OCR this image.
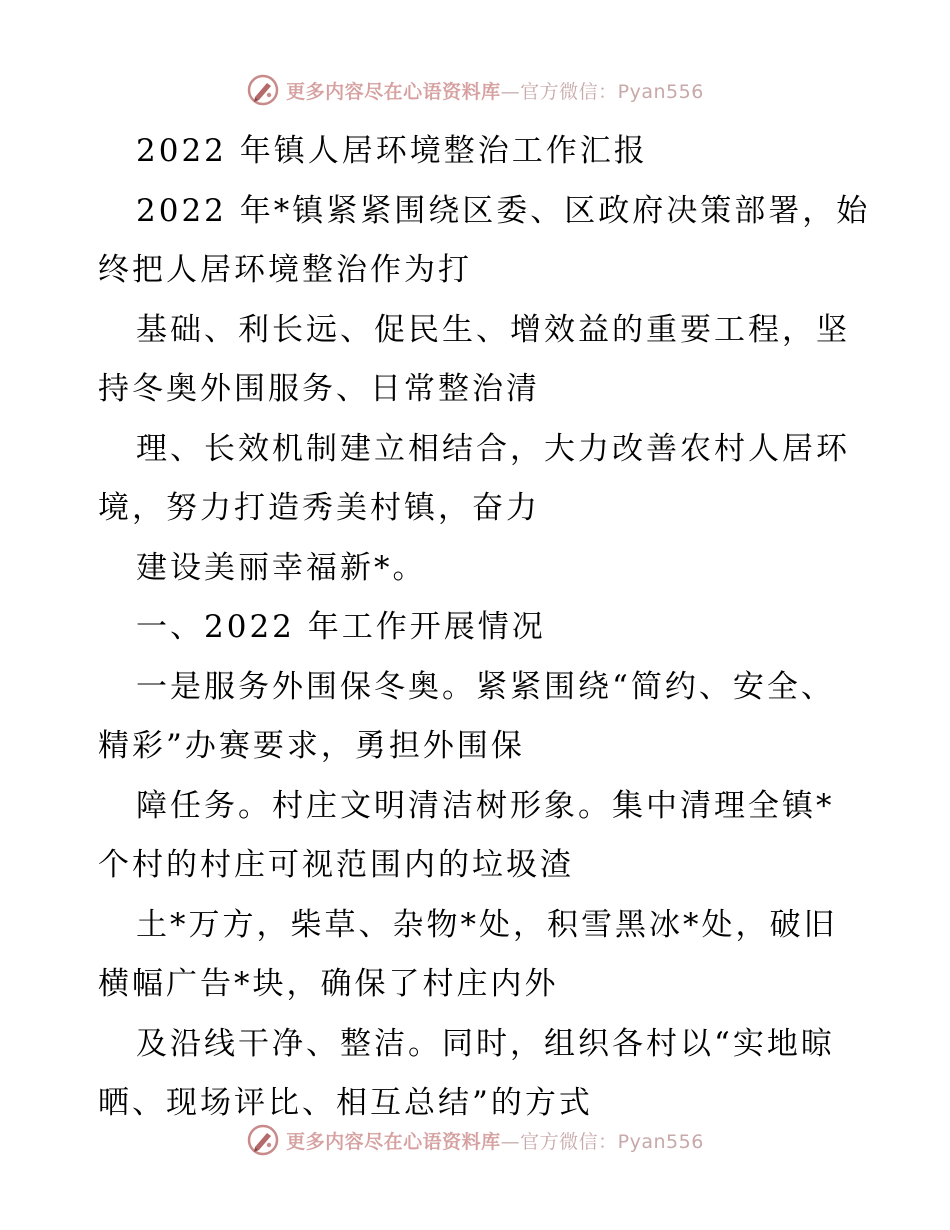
更多内容尽在心语资料库—官方微信：Pyan556
2022 年镇人居环境整治工作汇报
2022 年*镇紧紧围绕区委、区政府决策部署，始
终把人居环境整治作为打
基础、利长远、促民生、增效益的重要工程，坚
持冬奥外围服务、日常整治清
理、长效机制建立相结合，大力改善农村人居环
境，努力打造秀美村镇，奋力
建设美丽幸福新*。
一、2022 年工作开展情况
一是服务外围保冬奥。紧紧围绕“简约、安全、
精彩”办赛要求，勇担外围保
障任务。村庄文明清洁树形象。集中清理全镇*
个村的村庄可视范围内的垃圾渣
土*万方，柴草、杂物*处，积雪黑冰*处，破旧
横幅广告*块，确保了村庄内外
及沿线干净、整洁。同时，组织各村以“实地晾
晒、现场评比、相互总结”的方式
更多内容尽在心语资料库—官方微信：Pyan556
